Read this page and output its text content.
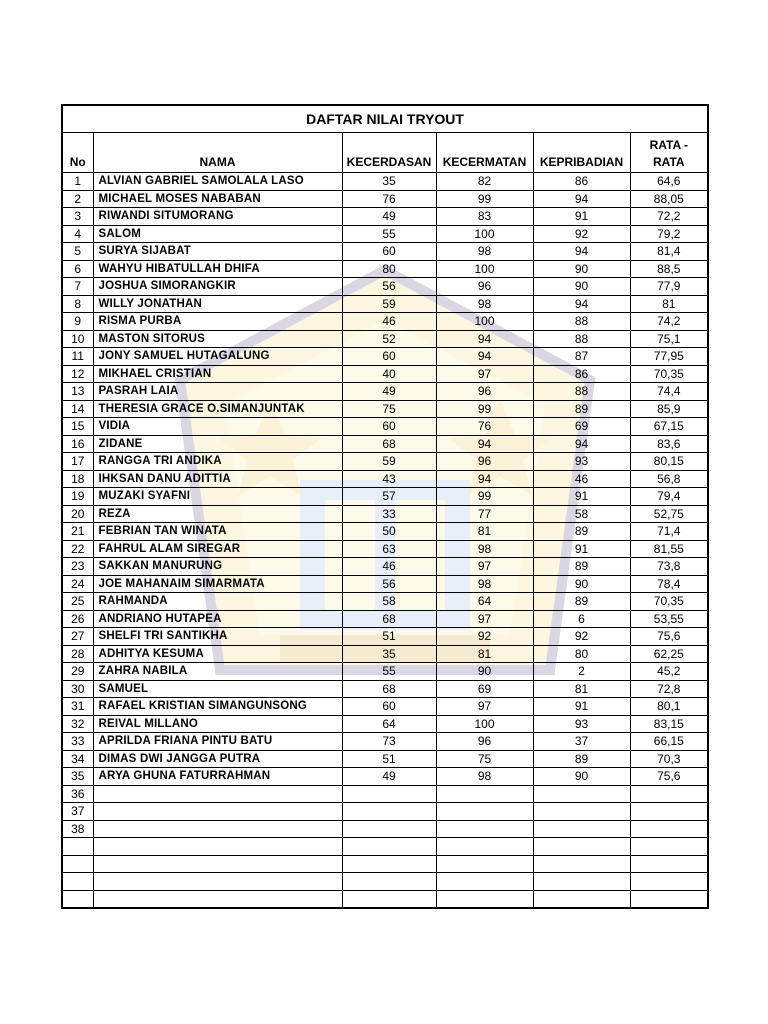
DAFTAR NILAI TRYOUT					
No	NAMA	KECERDASAN	KECERMATAN	KEPRIBADIAN	RATA -
RATA
1	ALVIAN GABRIEL SAMOLALA LASO	35	82	86	64,6
2	MICHAEL MOSES NABABAN	76	99	94	88,05
3	RIWANDI SITUMORANG	49	83	91	72,2
4	SALOM	55	100	92	79,2
5	SURYA SIJABAT	60	98	94	81,4
6	WAHYU HIBATULLAH DHIFA	80	100	90	88,5
7	JOSHUA SIMORANGKIR	56	96	90	77,9
8	WILLY JONATHAN	59	98	94	81
9	RISMA PURBA	46	100	88	74,2
10	MASTON SITORUS	52	94	88	75,1
11	JONY SAMUEL HUTAGALUNG	60	94	87	77,95
12	MIKHAEL CRISTIAN	40	97	86	70,35
13	PASRAH LAIA	49	96	88	74,4
14	THERESIA GRACE O.SIMANJUNTAK	75	99	89	85,9
15	VIDIA	60	76	69	67,15
16	ZIDANE	68	94	94	83,6
17	RANGGA TRI ANDIKA	59	96	93	80,15
18	IHKSAN DANU ADITTIA	43	94	46	56,8
19	MUZAKI SYAFNI	57	99	91	79,4
20	REZA	33	77	58	52,75
21	FEBRIAN TAN WINATA	50	81	89	71,4
22	FAHRUL ALAM SIREGAR	63	98	91	81,55
23	SAKKAN MANURUNG	46	97	89	73,8
24	JOE MAHANAIM SIMARMATA	56	98	90	78,4
25	RAHMANDA	58	64	89	70,35
26	ANDRIANO HUTAPEA	68	97	6	53,55
27	SHELFI TRI SANTIKHA	51	92	92	75,6
28	ADHITYA KESUMA	35	81	80	62,25
29	ZAHRA NABILA	55	90	2	45,2
30	SAMUEL	68	69	81	72,8
31	RAFAEL KRISTIAN SIMANGUNSONG	60	97	91	80,1
32	REIVAL MILLANO	64	100	93	83,15
33	APRILDA FRIANA PINTU BATU	73	96	37	66,15
34	DIMAS DWI JANGGA PUTRA	51	75	89	70,3
35	ARYA GHUNA FATURRAHMAN	49	98	90	75,6
36					
37					
38					
